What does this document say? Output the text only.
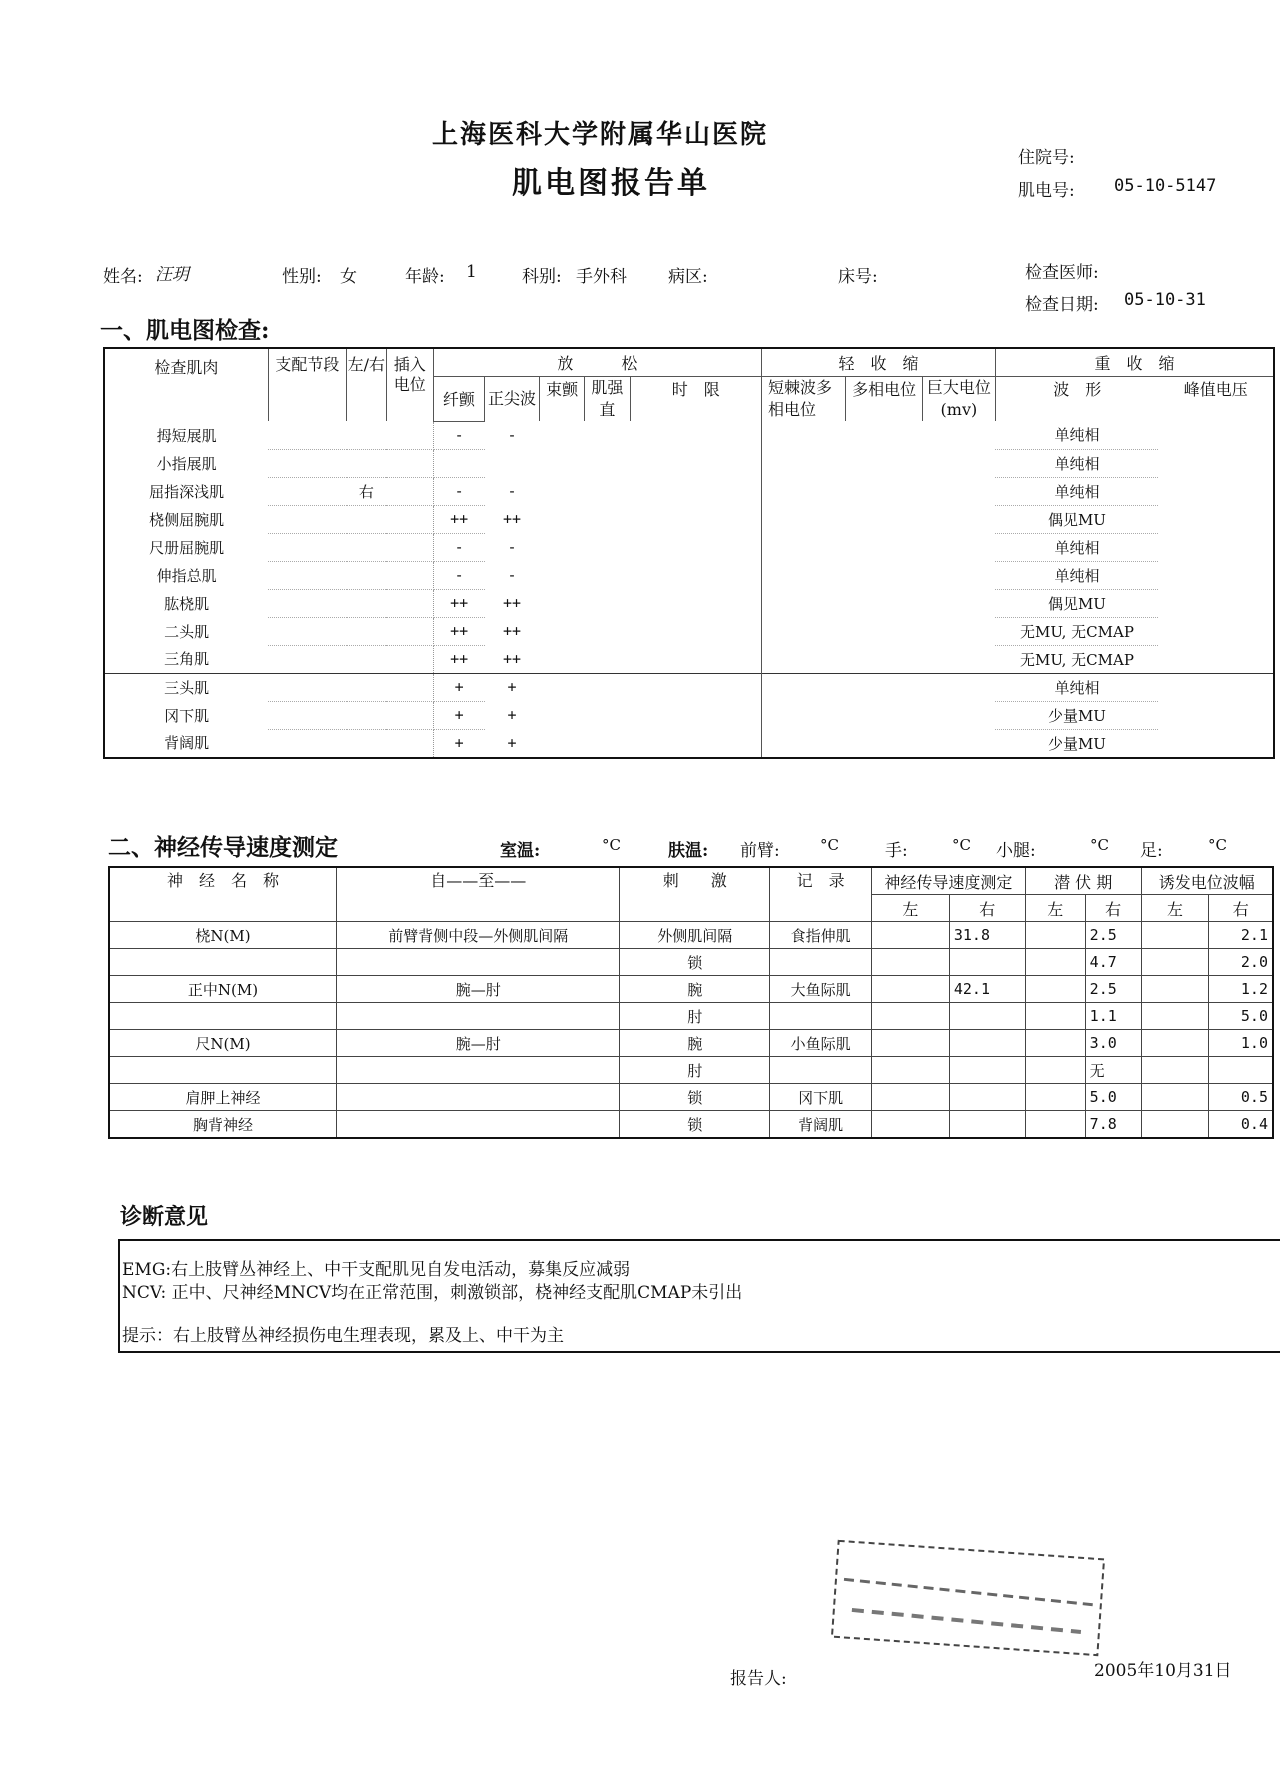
上海医科大学附属华山医院
肌电图报告单
住院号:
肌电号: 05-10-5147
姓名: 汪玥	性别: 女	年龄: 1	科别: 手外科 病区:	床号:	检查医师:
检查日期: 05-10-31
一、肌电图检查:
检查肌肉	支配节段	左/右	插入电位	放　　　松					轻　收　缩			重　收　缩	
				纤颤	正尖波	束颤	肌强直	时　限	短棘波多相电位	多相电位	巨大电位(mv)	波　形	峰值电压

拇短展肌				-	-							单纯相	
小指展肌												单纯相	
屈指深浅肌		右		-	-							单纯相	
桡侧屈腕肌				++	++							偶见MU	
尺册屈腕肌				-	-							单纯相	
伸指总肌				-	-							单纯相	
肱桡肌				++	++							偶见MU	
二头肌				++	++							无MU, 无CMAP	
三角肌				++	++							无MU, 无CMAP	
三头肌				+	+							单纯相	
冈下肌				+	+							少量MU	
背阔肌				+	+							少量MU	
二、神经传导速度测定	室温:	°C	肤温: 前臂:	°C	手:	°C 小腿:	°C 足:	°C
神　经　名　称	自——至——	刺　　激	记　录	神经传导速度测定		潜 伏 期		诱发电位波幅	
				左	右	左	右	左	右
桡N(M)	前臂背侧中段—外侧肌间隔	外侧肌间隔	食指伸肌		31.8		2.5		2.1
		锁					4.7		2.0
正中N(M)	腕—肘	腕	大鱼际肌		42.1		2.5		1.2
		肘					1.1		5.0
尺N(M)	腕—肘	腕	小鱼际肌				3.0		1.0
		肘					无		
肩胛上神经		锁	冈下肌				5.0		0.5
胸背神经		锁	背阔肌				7.8		0.4
诊断意见
EMG:右上肢臂丛神经上、中干支配肌见自发电活动，募集反应减弱
NCV: 正中、尺神经MNCV均在正常范围，刺激锁部，桡神经支配肌CMAP未引出
提示：右上肢臂丛神经损伤电生理表现，累及上、中干为主
报告人:	2005年10月31日
